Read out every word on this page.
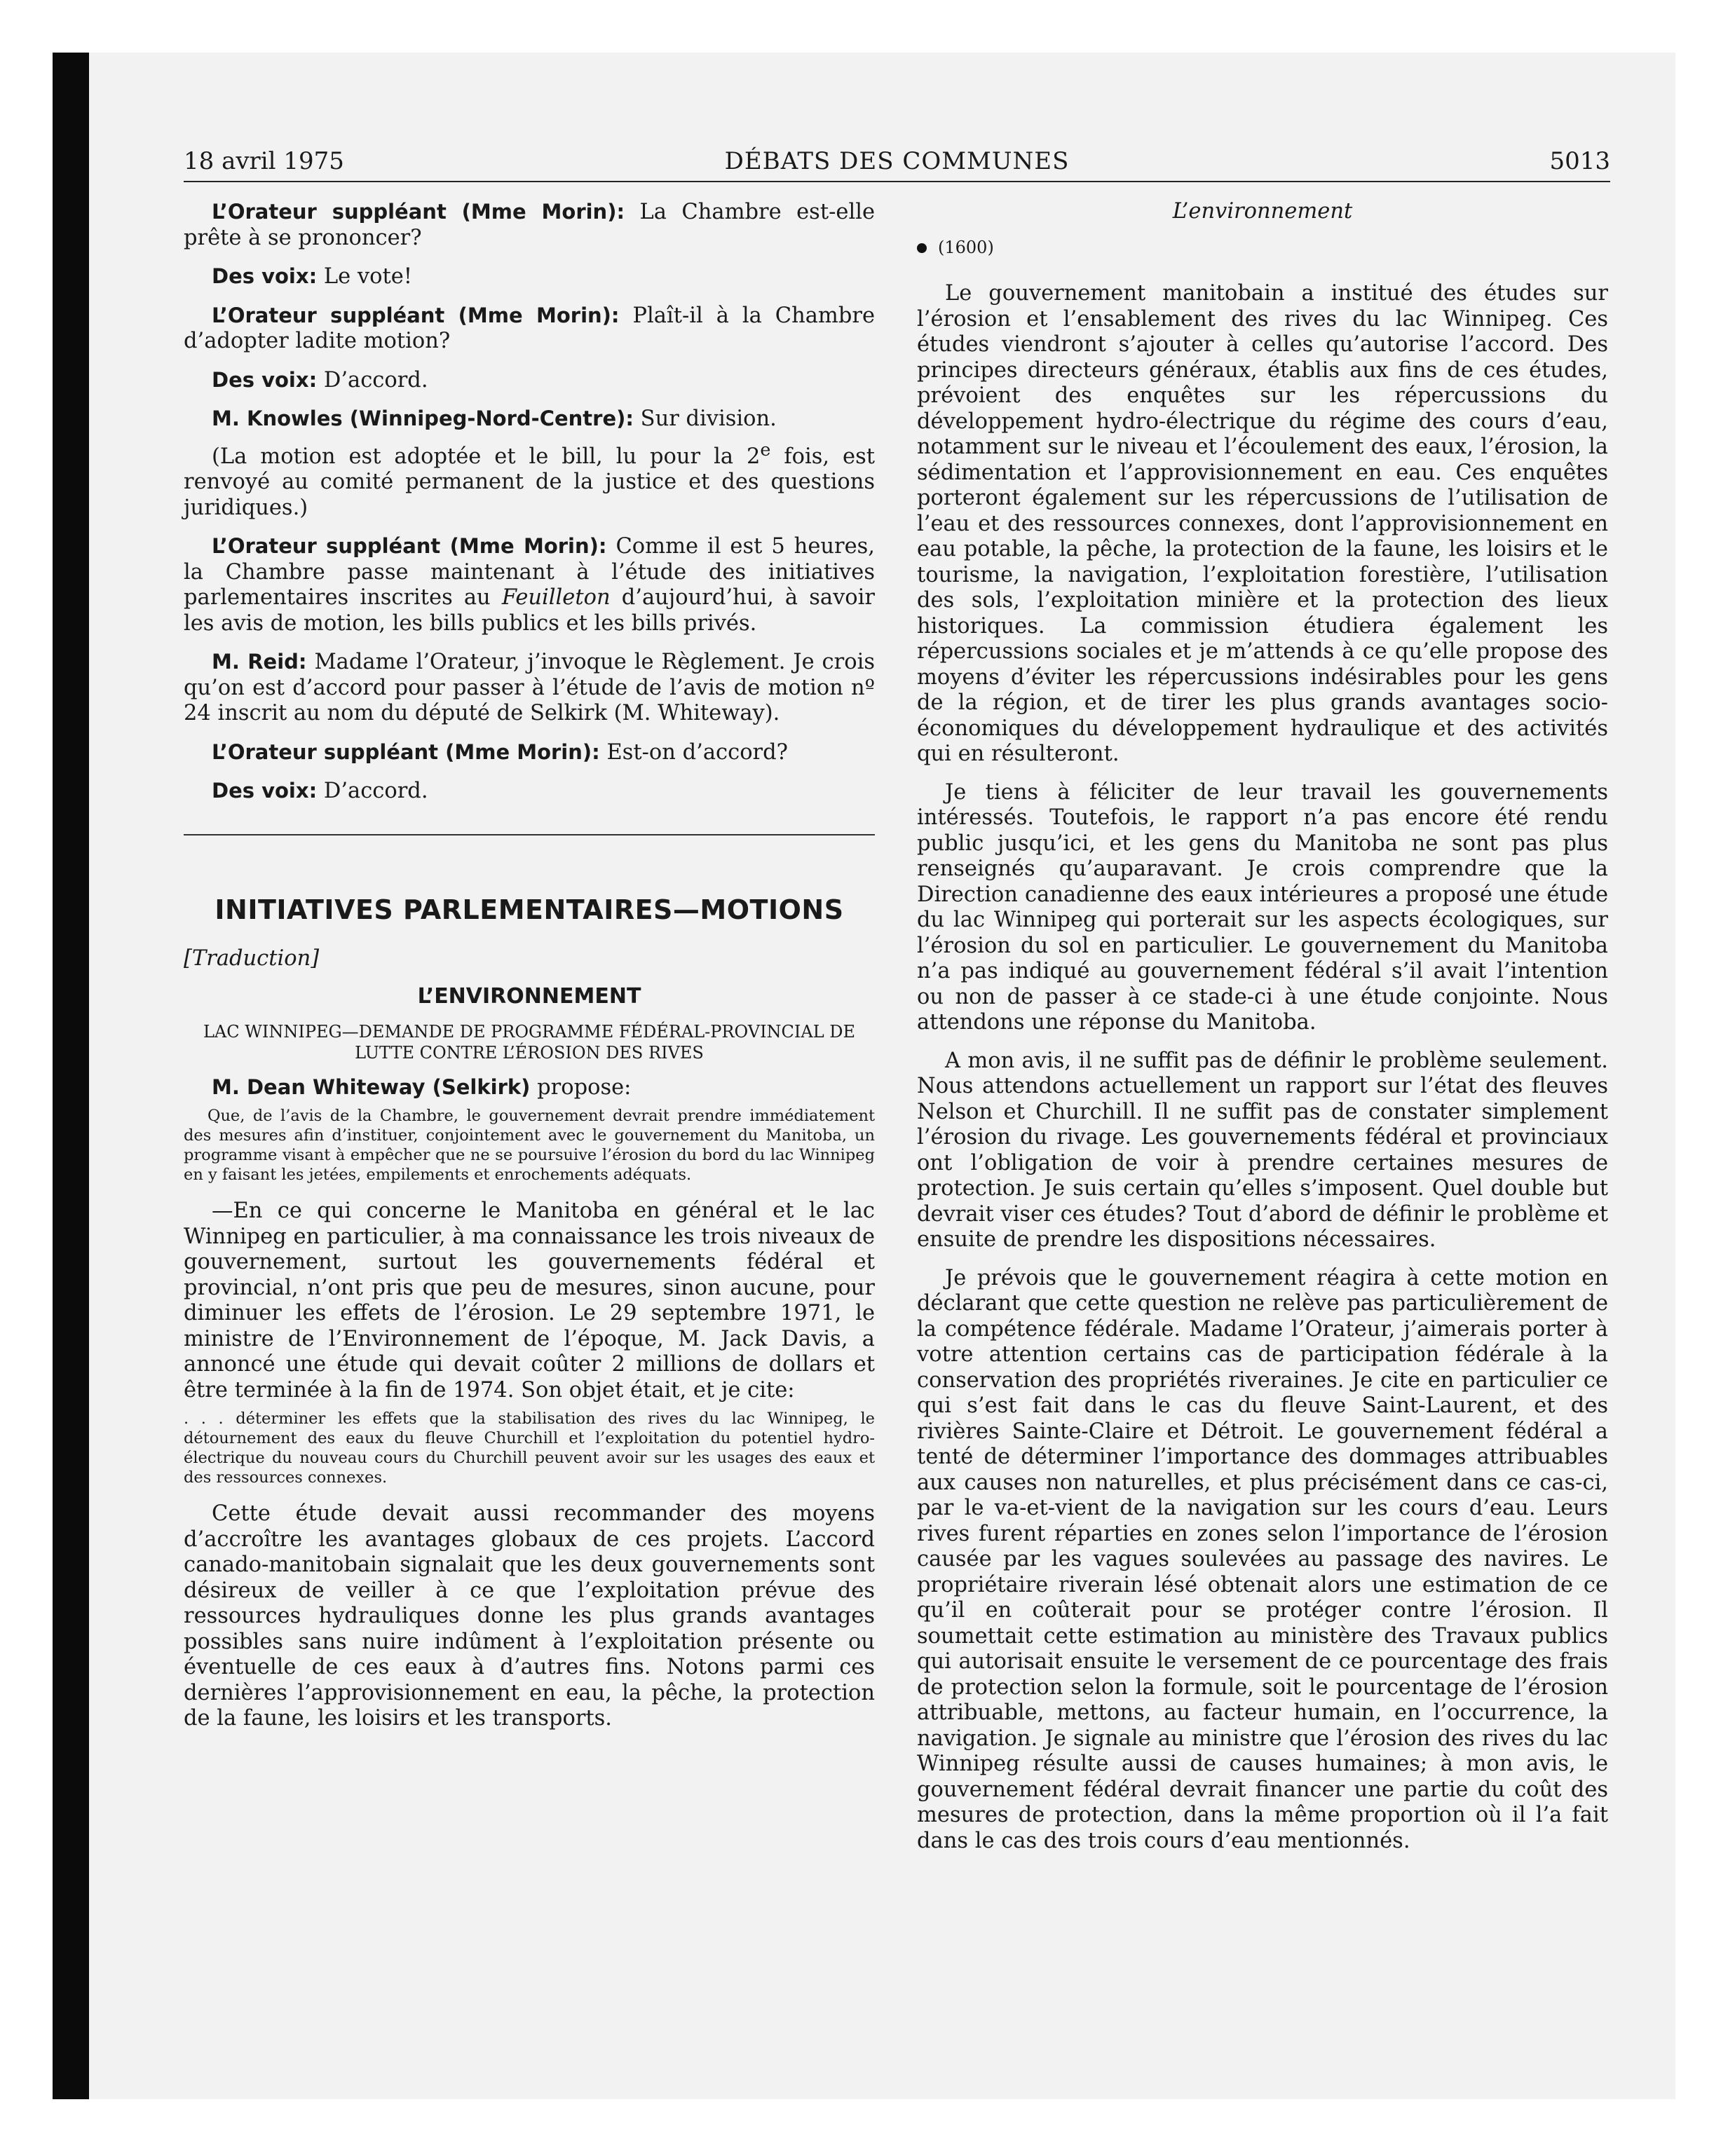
18 avril 1975	DÉBATS DES COMMUNES	5013

L’Orateur suppléant (Mme Morin): La Chambre est-elle prête à se prononcer?

Des voix: Le vote!

L’Orateur suppléant (Mme Morin): Plaît-il à la Chambre d’adopter ladite motion?

Des voix: D’accord.

M. Knowles (Winnipeg-Nord-Centre): Sur division.

(La motion est adoptée et le bill, lu pour la 2e fois, est renvoyé au comité permanent de la justice et des questions juridiques.)

L’Orateur suppléant (Mme Morin): Comme il est 5 heures, la Chambre passe maintenant à l’étude des initiatives parlementaires inscrites au Feuilleton d’aujourd’hui, à savoir les avis de motion, les bills publics et les bills privés.

M. Reid: Madame l’Orateur, j’invoque le Règlement. Je crois qu’on est d’accord pour passer à l’étude de l’avis de motion nº 24 inscrit au nom du député de Selkirk (M. Whiteway).

L’Orateur suppléant (Mme Morin): Est-on d’accord?

Des voix: D’accord.

INITIATIVES PARLEMENTAIRES—MOTIONS

[Traduction]

L’ENVIRONNEMENT
LAC WINNIPEG—DEMANDE DE PROGRAMME FÉDÉRAL-PROVINCIAL DE LUTTE CONTRE L’ÉROSION DES RIVES

M. Dean Whiteway (Selkirk) propose:

Que, de l’avis de la Chambre, le gouvernement devrait prendre immédiatement des mesures afin d’instituer, conjointement avec le gouvernement du Manitoba, un programme visant à empêcher que ne se poursuive l’érosion du bord du lac Winnipeg en y faisant les jetées, empilements et enrochements adéquats.

—En ce qui concerne le Manitoba en général et le lac Winnipeg en particulier, à ma connaissance les trois niveaux de gouvernement, surtout les gouvernements fédéral et provincial, n’ont pris que peu de mesures, sinon aucune, pour diminuer les effets de l’érosion. Le 29 septembre 1971, le ministre de l’Environnement de l’époque, M. Jack Davis, a annoncé une étude qui devait coûter 2 millions de dollars et être terminée à la fin de 1974. Son objet était, et je cite:

. . . déterminer les effets que la stabilisation des rives du lac Winnipeg, le détournement des eaux du fleuve Churchill et l’exploitation du potentiel hydro-électrique du nouveau cours du Churchill peuvent avoir sur les usages des eaux et des ressources connexes.

Cette étude devait aussi recommander des moyens d’accroître les avantages globaux de ces projets. L’accord canado-manitobain signalait que les deux gouvernements sont désireux de veiller à ce que l’exploitation prévue des ressources hydrauliques donne les plus grands avantages possibles sans nuire indûment à l’exploitation présente ou éventuelle de ces eaux à d’autres fins. Notons parmi ces dernières l’approvisionnement en eau, la pêche, la protection de la faune, les loisirs et les transports.

L’environnement
(1600)

Le gouvernement manitobain a institué des études sur l’érosion et l’ensablement des rives du lac Winnipeg. Ces études viendront s’ajouter à celles qu’autorise l’accord. Des principes directeurs généraux, établis aux fins de ces études, prévoient des enquêtes sur les répercussions du développement hydro-électrique du régime des cours d’eau, notamment sur le niveau et l’écoulement des eaux, l’érosion, la sédimentation et l’approvisionnement en eau. Ces enquêtes porteront également sur les répercussions de l’utilisation de l’eau et des ressources connexes, dont l’approvisionnement en eau potable, la pêche, la protection de la faune, les loisirs et le tourisme, la navigation, l’exploitation forestière, l’utilisation des sols, l’exploitation minière et la protection des lieux historiques. La commission étudiera également les répercussions sociales et je m’attends à ce qu’elle propose des moyens d’éviter les répercussions indésirables pour les gens de la région, et de tirer les plus grands avantages socio-économiques du développement hydraulique et des activités qui en résulteront.

Je tiens à féliciter de leur travail les gouvernements intéressés. Toutefois, le rapport n’a pas encore été rendu public jusqu’ici, et les gens du Manitoba ne sont pas plus renseignés qu’auparavant. Je crois comprendre que la Direction canadienne des eaux intérieures a proposé une étude du lac Winnipeg qui porterait sur les aspects écologiques, sur l’érosion du sol en particulier. Le gouvernement du Manitoba n’a pas indiqué au gouvernement fédéral s’il avait l’intention ou non de passer à ce stade-ci à une étude conjointe. Nous attendons une réponse du Manitoba.

A mon avis, il ne suffit pas de définir le problème seulement. Nous attendons actuellement un rapport sur l’état des fleuves Nelson et Churchill. Il ne suffit pas de constater simplement l’érosion du rivage. Les gouvernements fédéral et provinciaux ont l’obligation de voir à prendre certaines mesures de protection. Je suis certain qu’elles s’imposent. Quel double but devrait viser ces études? Tout d’abord de définir le problème et ensuite de prendre les dispositions nécessaires.

Je prévois que le gouvernement réagira à cette motion en déclarant que cette question ne relève pas particulièrement de la compétence fédérale. Madame l’Orateur, j’aimerais porter à votre attention certains cas de participation fédérale à la conservation des propriétés riveraines. Je cite en particulier ce qui s’est fait dans le cas du fleuve Saint-Laurent, et des rivières Sainte-Claire et Détroit. Le gouvernement fédéral a tenté de déterminer l’importance des dommages attribuables aux causes non naturelles, et plus précisément dans ce cas-ci, par le va-et-vient de la navigation sur les cours d’eau. Leurs rives furent réparties en zones selon l’importance de l’érosion causée par les vagues soulevées au passage des navires. Le propriétaire riverain lésé obtenait alors une estimation de ce qu’il en coûterait pour se protéger contre l’érosion. Il soumettait cette estimation au ministère des Travaux publics qui autorisait ensuite le versement de ce pourcentage des frais de protection selon la formule, soit le pourcentage de l’érosion attribuable, mettons, au facteur humain, en l’occurrence, la navigation. Je signale au ministre que l’érosion des rives du lac Winnipeg résulte aussi de causes humaines; à mon avis, le gouvernement fédéral devrait financer une partie du coût des mesures de protection, dans la même proportion où il l’a fait dans le cas des trois cours d’eau mentionnés.
